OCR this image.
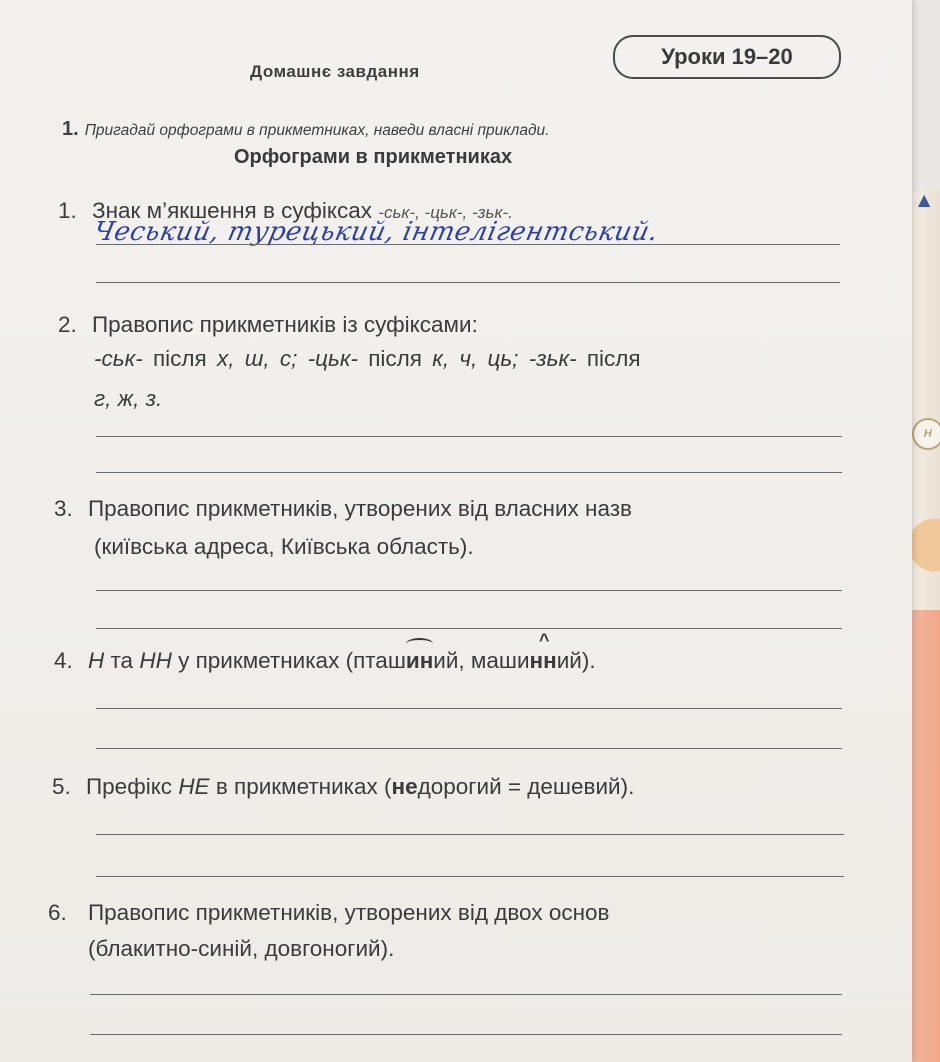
▲
Н
Уроки 19–20
Домашнє завдання
1. Пригадай орфограми в прикметниках, наведи власні приклади.
Орфограми в прикметниках
1. Знак м’якшення в суфіксах -ськ-, -цьк-, -зьк-.
Чеський, турецький, інтелігентський.
2. Правопис прикметників із суфіксами:
-ськ- після х, ш, с; -цьк- після к, ч, ць; -зьк- після
г, ж, з.
3. Правопис прикметників, утворених від власних назв
(київська адреса, Київська область).
4. Н та НН у прикметниках (пташиний, маши^ нний).
5. Префікс НЕ в прикметниках (недорогий = дешевий).
6. Правопис прикметників, утворених від двох основ
(блакитно-синій, довгоногий).
